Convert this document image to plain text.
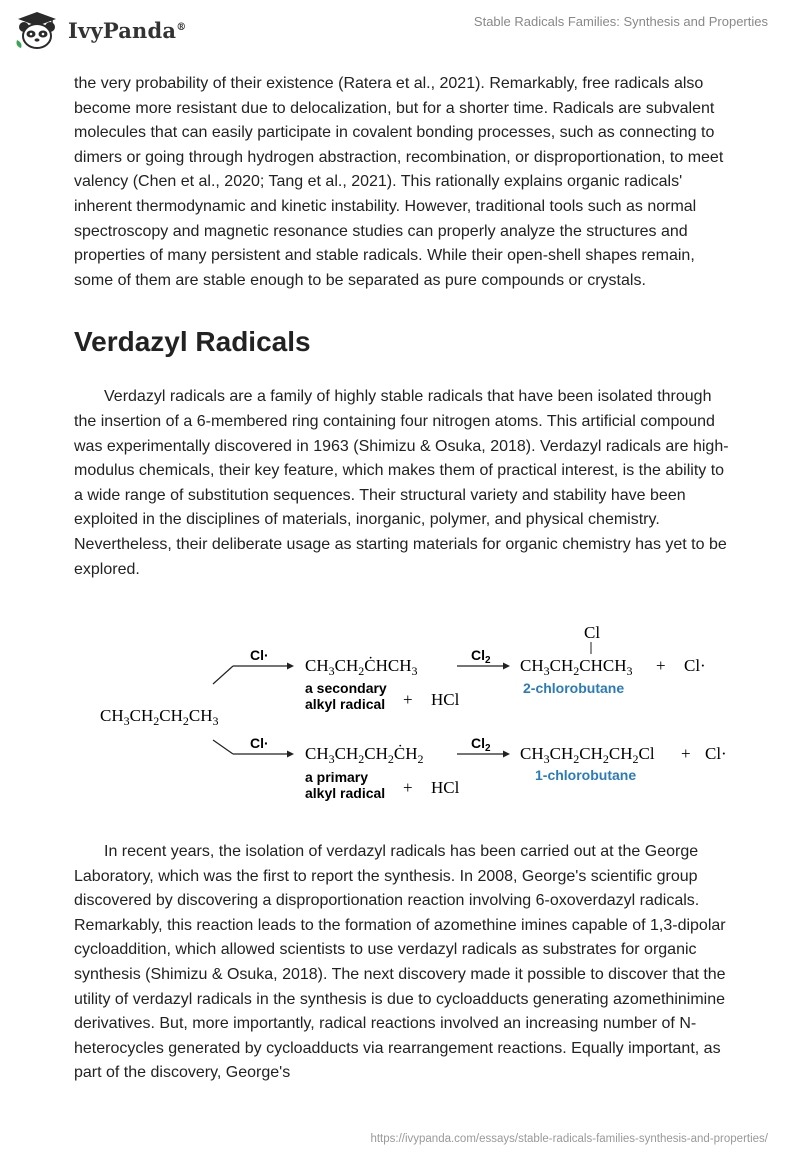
IvyPanda®	Stable Radicals Families: Synthesis and Properties

the very probability of their existence (Ratera et al., 2021). Remarkably, free radicals also become more resistant due to delocalization, but for a shorter time. Radicals are subvalent molecules that can easily participate in covalent bonding processes, such as connecting to dimers or going through hydrogen abstraction, recombination, or disproportionation, to meet valency (Chen et al., 2020; Tang et al., 2021). This rationally explains organic radicals' inherent thermodynamic and kinetic instability. However, traditional tools such as normal spectroscopy and magnetic resonance studies can properly analyze the structures and properties of many persistent and stable radicals. While their open-shell shapes remain, some of them are stable enough to be separated as pure compounds or crystals.

Verdazyl Radicals

Verdazyl radicals are a family of highly stable radicals that have been isolated through the insertion of a 6-membered ring containing four nitrogen atoms. This artificial compound was experimentally discovered in 1963 (Shimizu & Osuka, 2018). Verdazyl radicals are high-modulus chemicals, their key feature, which makes them of practical interest, is the ability to a wide range of substitution sequences. Their structural variety and stability have been exploited in the disciplines of materials, inorganic, polymer, and physical chemistry. Nevertheless, their deliberate usage as starting materials for organic chemistry has yet to be explored.

$CH_3CH_2CH_2CH_3$
Cl·
$CH_3CH_2ĊHCH_3$
a secondary
alkyl radical + HCl
$Cl_2$
Cl
$CH_3CH_2CHCH_3$
2-chlorobutane
+ Cl·
Cl·
$CH_3CH_2CH_2ĊH_2$
a primary
alkyl radical + HCl
$Cl_2$ $CH_3CH_2CH_2CH_2Cl$
1-chlorobutane
+ Cl·

In recent years, the isolation of verdazyl radicals has been carried out at the George Laboratory, which was the first to report the synthesis. In 2008, George's scientific group discovered by discovering a disproportionation reaction involving 6-oxoverdazyl radicals. Remarkably, this reaction leads to the formation of azomethine imines capable of 1,3-dipolar cycloaddition, which allowed scientists to use verdazyl radicals as substrates for organic synthesis (Shimizu & Osuka, 2018). The next discovery made it possible to discover that the utility of verdazyl radicals in the synthesis is due to cycloadducts generating azomethinimine derivatives. But, more importantly, radical reactions involved an increasing number of N-heterocycles generated by cycloadducts via rearrangement reactions. Equally important, as part of the discovery, George's

https://ivypanda.com/essays/stable-radicals-families-synthesis-and-properties/
